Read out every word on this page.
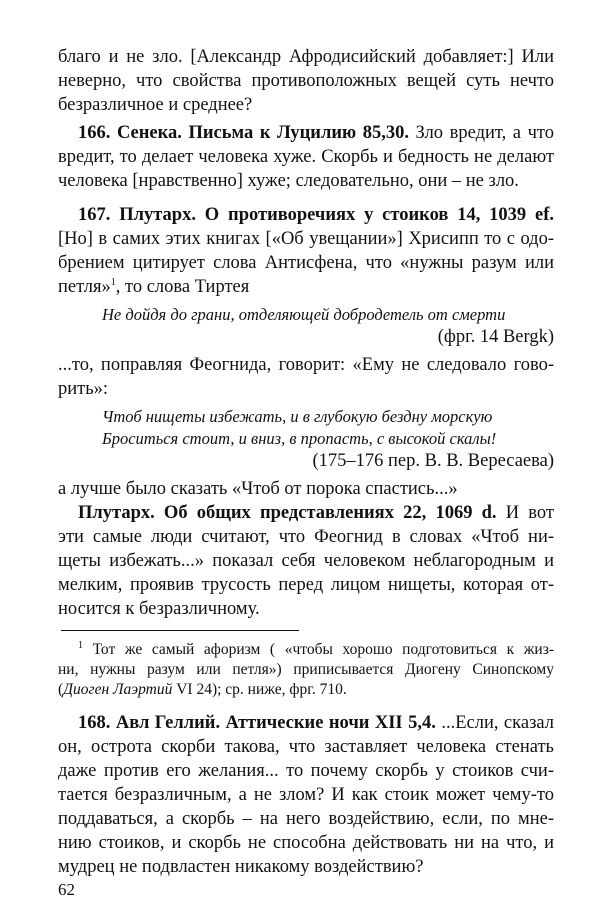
благо и не зло. [Александр Афродисийский добавляет:] Или
неверно, что свойства противоположных вещей суть нечто
безразличное и среднее?
166. Сенека. Письма к Луцилию 85,30. Зло вредит, а что
вредит, то делает человека хуже. Скорбь и бедность не делают
человека [нравственно] хуже; следовательно, они – не зло.
167. Плутарх. О противоречиях у стоиков 14, 1039 ef.
[Но] в самих этих книгах [«Об увещании»] Хрисипп то с одо-
брением цитирует слова Антисфена, что «нужны разум или
петля»$^1$, то слова Тиртея
Не дойдя до грани, отделяющей добродетель от смерти
(фрг. 14 Bergk)
...то, поправляя Феогнида, говорит: «Ему не следовало гово-
рить»:
Чтоб нищеты избежать, и в глубокую бездну морскую
Броситься стоит, и вниз, в пропасть, с высокой скалы!
(175–176 пер. В. В. Вересаева)
а лучше было сказать «Чтоб от порока спастись...»
Плутарх. Об общих представлениях 22, 1069 d. И вот
эти самые люди считают, что Феогнид в словах «Чтоб ни-
щеты избежать...» показал себя человеком неблагородным и
мелким, проявив трусость перед лицом нищеты, которая от-
носится к безразличному.
$^1$ Тот же самый афоризм ( «чтобы хорошо подготовиться к жиз-
ни, нужны разум или петля») приписывается Диогену Синопскому
(Диоген Лаэртий VI 24); ср. ниже, фрг. 710.
168. Авл Геллий. Аттические ночи XII 5,4. ...Если, сказал
он, острота скорби такова, что заставляет человека стенать
даже против его желания... то почему скорбь у стоиков счи-
тается безразличным, а не злом? И как стоик может чему-то
поддаваться, а скорбь – на него воздействию, если, по мне-
нию стоиков, и скорбь не способна действовать ни на что, и
мудрец не подвластен никакому воздействию?
62
